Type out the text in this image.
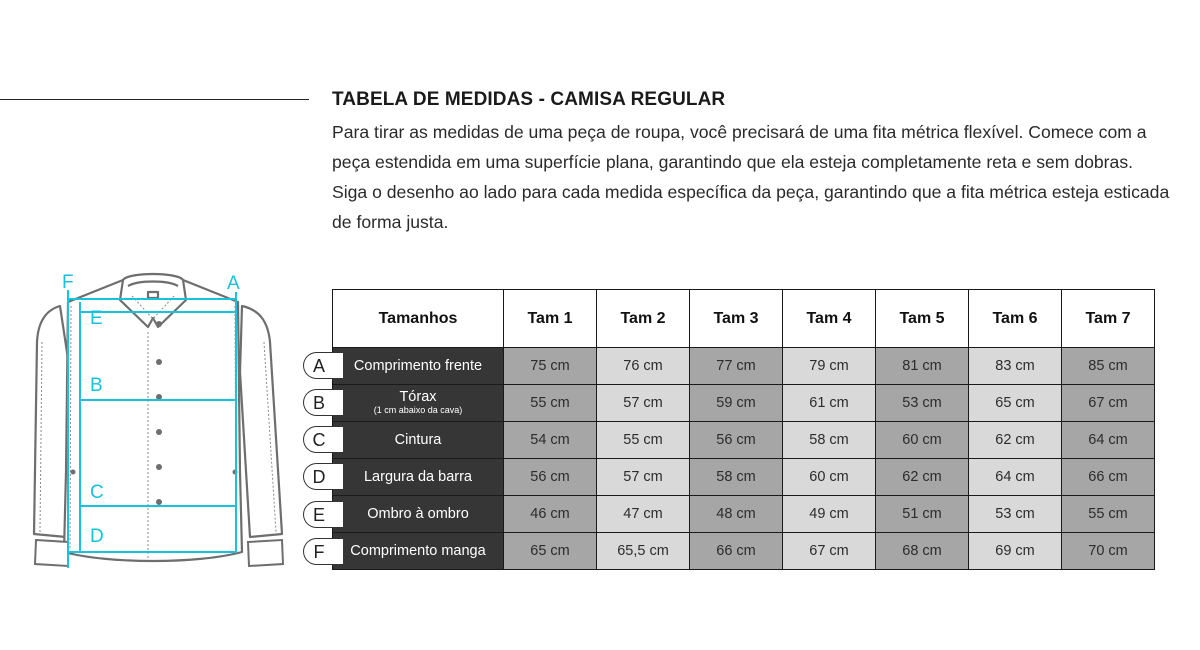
TABELA DE MEDIDAS - CAMISA REGULAR

Para tirar as medidas de uma peça de roupa, você precisará de uma fita métrica flexível. Comece com a peça estendida em uma superfície plana, garantindo que ela esteja completamente reta e sem dobras. Siga o desenho ao lado para cada medida específica da peça, garantindo que a fita métrica esteja esticada de forma justa.

F	A
E
B
C
D
Tamanhos	Tam 1	Tam 2	Tam 3	Tam 4	Tam 5	Tam 6	Tam 7
Comprimento frente	75 cm	76 cm	77 cm	79 cm	81 cm	83 cm	85 cm
Tórax
(1 cm abaixo da cava)	55 cm	57 cm	59 cm	61 cm	53 cm	65 cm	67 cm
Cintura	54 cm	55 cm	56 cm	58 cm	60 cm	62 cm	64 cm
Largura da barra	56 cm	57 cm	58 cm	60 cm	62 cm	64 cm	66 cm
Ombro à ombro	46 cm	47 cm	48 cm	49 cm	51 cm	53 cm	55 cm
Comprimento manga	65 cm	65,5 cm	66 cm	67 cm	68 cm	69 cm	70 cm
A
B
C
D
E
F
